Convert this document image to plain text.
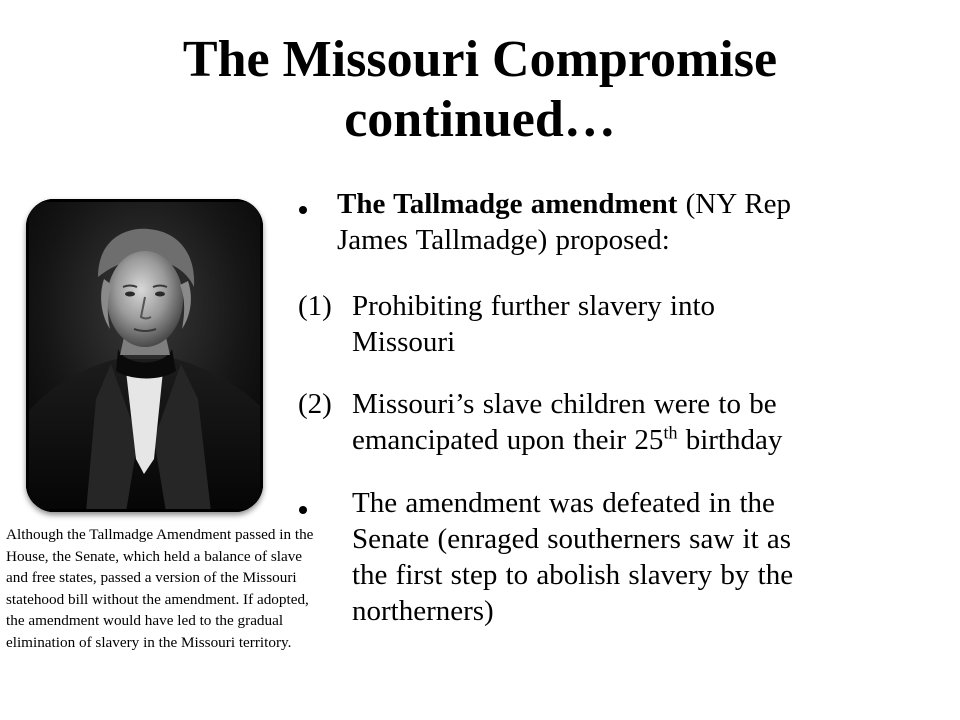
The Missouri Compromise
continued…

Although the Tallmadge Amendment passed in the House, the Senate, which held a balance of slave and free states, passed a version of the Missouri statehood bill without the amendment. If adopted, the amendment would have led to the gradual elimination of slavery in the Missouri territory.

The Tallmadge amendment (NY Rep
James Tallmadge) proposed:
(1) Prohibiting further slavery into
Missouri
(2) Missouri’s slave children were to be
emancipated upon their 25th birthday
The amendment was defeated in the
Senate (enraged southerners saw it as
the first step to abolish slavery by the
northerners)
